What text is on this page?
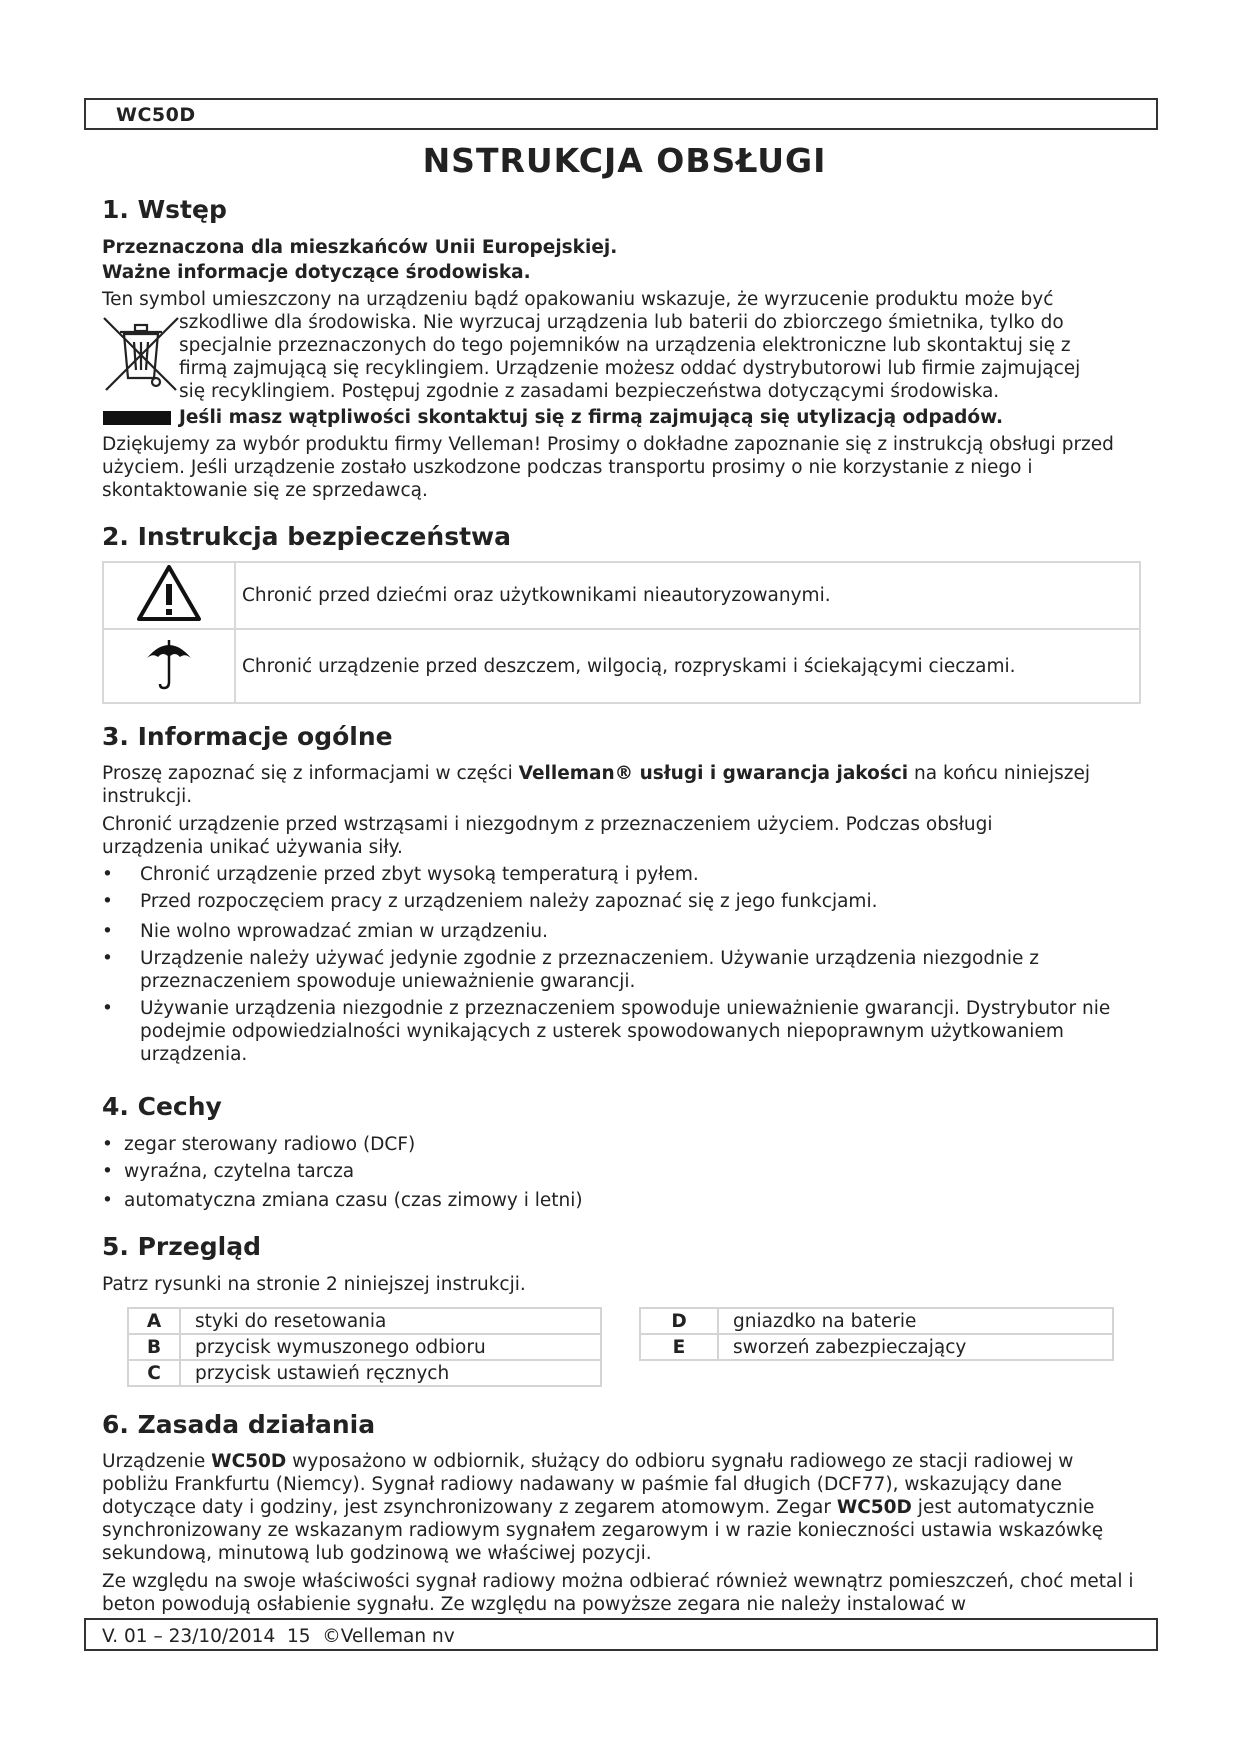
WC50D
NSTRUKCJA OBSŁUGI
1. Wstęp
Przeznaczona dla mieszkańców Unii Europejskiej.
Ważne informacje dotyczące środowiska.
Ten symbol umieszczony na urządzeniu bądź opakowaniu wskazuje, że wyrzucenie produktu może być
szkodliwe dla środowiska. Nie wyrzucaj urządzenia lub baterii do zbiorczego śmietnika, tylko do
specjalnie przeznaczonych do tego pojemników na urządzenia elektroniczne lub skontaktuj się z
firmą zajmującą się recyklingiem. Urządzenie możesz oddać dystrybutorowi lub firmie zajmującej
się recyklingiem. Postępuj zgodnie z zasadami bezpieczeństwa dotyczącymi środowiska.
Jeśli masz wątpliwości skontaktuj się z firmą zajmującą się utylizacją odpadów.
Dziękujemy za wybór produktu firmy Velleman! Prosimy o dokładne zapoznanie się z instrukcją obsługi przed użyciem. Jeśli urządzenie zostało uszkodzone podczas transportu prosimy o nie korzystanie z niego i skontaktowanie się ze sprzedawcą.
2. Instrukcja bezpieczeństwa
	Chronić przed dziećmi oraz użytkownikami nieautoryzowanymi.
	Chronić urządzenie przed deszczem, wilgocią, rozpryskami i ściekającymi cieczami.
3. Informacje ogólne
Proszę zapoznać się z informacjami w części Velleman® usługi i gwarancja jakości na końcu niniejszej instrukcji.
Chronić urządzenie przed wstrząsami i niezgodnym z przeznaczeniem użyciem. Podczas obsługi urządzenia unikać używania siły.
• Chronić urządzenie przed zbyt wysoką temperaturą i pyłem.
• Przed rozpoczęciem pracy z urządzeniem należy zapoznać się z jego funkcjami.
• Nie wolno wprowadzać zmian w urządzeniu.
• Urządzenie należy używać jedynie zgodnie z przeznaczeniem. Używanie urządzenia niezgodnie z przeznaczeniem spowoduje unieważnienie gwarancji.
• Używanie urządzenia niezgodnie z przeznaczeniem spowoduje unieważnienie gwarancji. Dystrybutor nie podejmie odpowiedzialności wynikających z usterek spowodowanych niepoprawnym użytkowaniem urządzenia.
4. Cechy
• zegar sterowany radiowo (DCF)
• wyraźna, czytelna tarcza
• automatyczna zmiana czasu (czas zimowy i letni)
5. Przegląd
Patrz rysunki na stronie 2 niniejszej instrukcji.
A	styki do resetowania
B	przycisk wymuszonego odbioru
C	przycisk ustawień ręcznych
D	gniazdko na baterie
E	sworzeń zabezpieczający
6. Zasada działania
Urządzenie WC50D wyposażono w odbiornik, służący do odbioru sygnału radiowego ze stacji radiowej w pobliżu Frankfurtu (Niemcy). Sygnał radiowy nadawany w paśmie fal długich (DCF77), wskazujący dane dotyczące daty i godziny, jest zsynchronizowany z zegarem atomowym. Zegar WC50D jest automatycznie synchronizowany ze wskazanym radiowym sygnałem zegarowym i w razie konieczności ustawia wskazówkę sekundową, minutową lub godzinową we właściwej pozycji.
Ze względu na swoje właściwości sygnał radiowy można odbierać również wewnątrz pomieszczeń, choć metal i beton powodują osłabienie sygnału. Ze względu na powyższe zegara nie należy instalować w
V. 01 – 23/10/2014  15  ©Velleman nv
